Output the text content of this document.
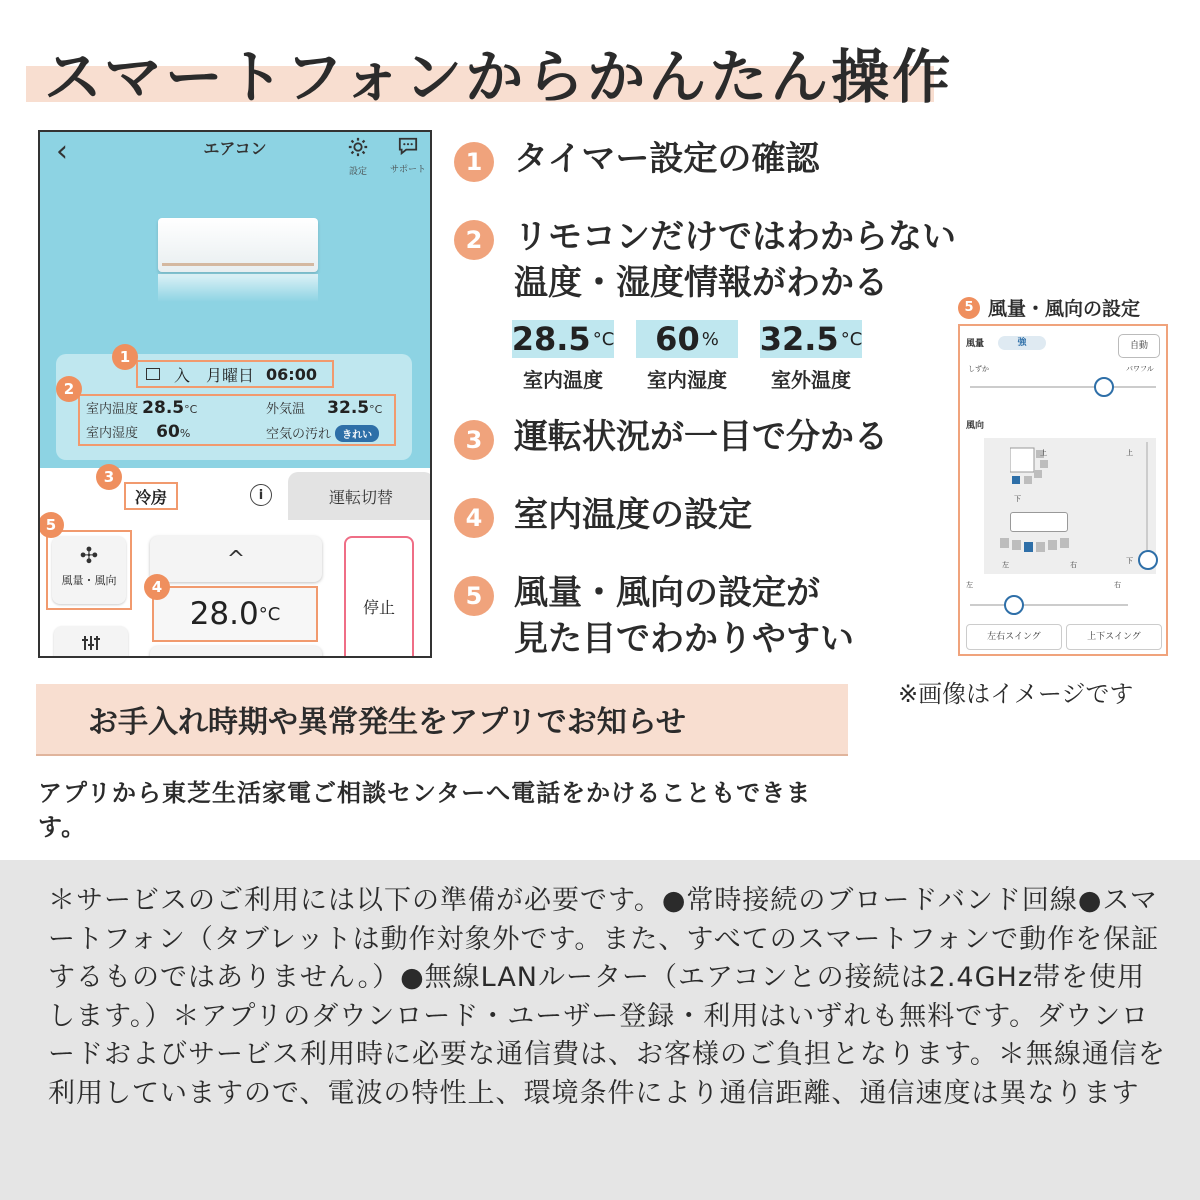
スマートフォンからかんたん操作
‹	エアコン
設定	サポート
入 月曜日 06:00
室内温度 28.5°C	外気温 32.5°C
室内湿度 60%	空気の汚れ きれい
運転切替
冷房	i
✣
風量・風向
^
28.0 °C	停止
1
2
3
4
5
1 タイマー設定の確認
2 リモコンだけではわからない
温度・湿度情報がわかる
28.5 °C
室内温度
60 %
室内湿度
32.5 °C
室外温度
3 運転状況が一目で分かる
4 室内温度の設定
5 風量・風向の設定が
見た目でわかりやすい
5 風量・風向の設定
風量	強	自動
しずか	パワフル
風向
上
下
左	右
上
下
左	右
左右スイング	上下スイング
※画像はイメージです
お手入れ時期や異常発生をアプリでお知らせ
アプリから東芝生活家電ご相談センターへ電話をかけることもできます。
＊サービスのご利用には以下の準備が必要です。●常時接続のブロードバンド回線●スマートフォン（タブレットは動作対象外です。また、すべてのスマートフォンで動作を保証するものではありません。）●無線LANルーター（エアコンとの接続は2.4GHz帯を使用します。）＊アプリのダウンロード・ユーザー登録・利用はいずれも無料です。ダウンロードおよびサービス利用時に必要な通信費は、お客様のご負担となります。＊無線通信を利用していますので、電波の特性上、環境条件により通信距離、通信速度は異なります
